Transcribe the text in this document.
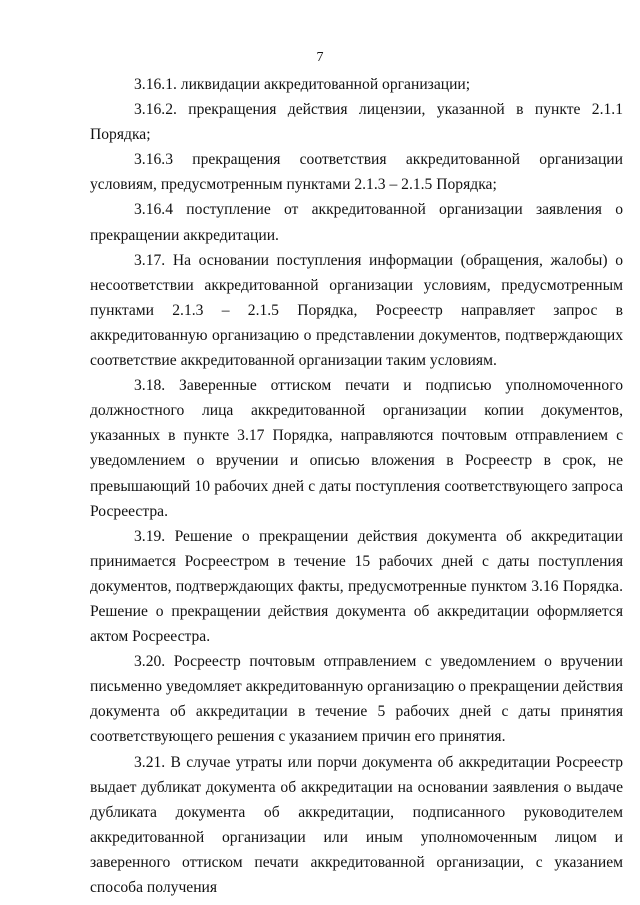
7

3.16.1. ликвидации аккредитованной организации;

3.16.2. прекращения действия лицензии, указанной в пункте 2.1.1 Порядка;

3.16.3 прекращения соответствия аккредитованной организации условиям, предусмотренным пунктами 2.1.3 – 2.1.5 Порядка;

3.16.4 поступление от аккредитованной организации заявления о прекращении аккредитации.

3.17. На основании поступления информации (обращения, жалобы) о несоответствии аккредитованной организации условиям, предусмотренным пунктами 2.1.3 – 2.1.5 Порядка, Росреестр направляет запрос в аккредитованную организацию о представлении документов, подтверждающих соответствие аккредитованной организации таким условиям.

3.18. Заверенные оттиском печати и подписью уполномоченного должностного лица аккредитованной организации копии документов, указанных в пункте 3.17 Порядка, направляются почтовым отправлением с уведомлением о вручении и описью вложения в Росреестр в срок, не превышающий 10 рабочих дней с даты поступления соответствующего запроса Росреестра.

3.19. Решение о прекращении действия документа об аккредитации принимается Росреестром в течение 15 рабочих дней с даты поступления документов, подтверждающих факты, предусмотренные пунктом 3.16 Порядка. Решение о прекращении действия документа об аккредитации оформляется актом Росреестра.

3.20. Росреестр почтовым отправлением с уведомлением о вручении письменно уведомляет аккредитованную организацию о прекращении действия документа об аккредитации в течение 5 рабочих дней с даты принятия соответствующего решения с указанием причин его принятия.

3.21. В случае утраты или порчи документа об аккредитации Росреестр выдает дубликат документа об аккредитации на основании заявления о выдаче дубликата документа об аккредитации, подписанного руководителем аккредитованной организации или иным уполномоченным лицом и заверенного оттиском печати аккредитованной организации, с указанием способа получения
